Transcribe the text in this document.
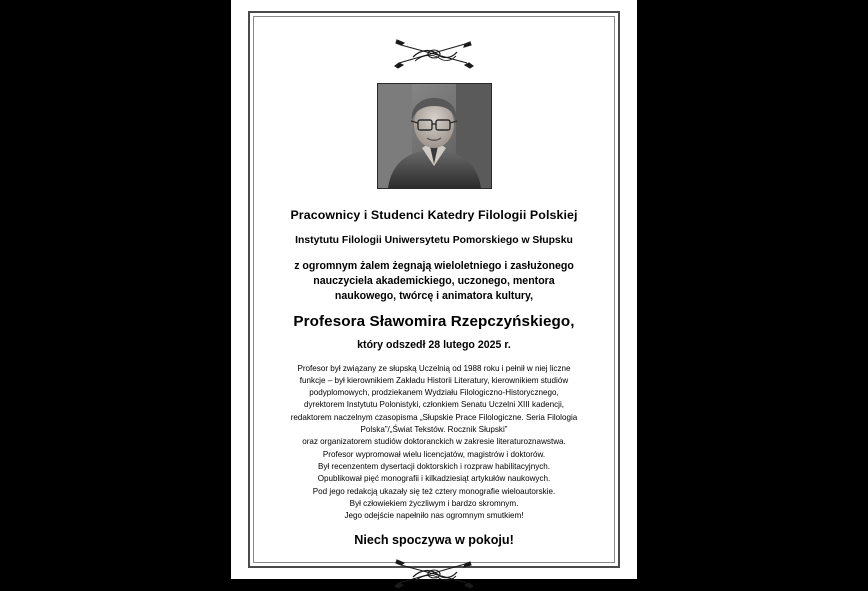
Pracownicy i Studenci Katedry Filologii Polskiej
Instytutu Filologii Uniwersytetu Pomorskiego w Słupsku
z ogromnym żalem żegnają wieloletniego i zasłużonego
nauczyciela akademickiego, uczonego, mentora
naukowego, twórcę i animatora kultury,
Profesora Sławomira Rzepczyńskiego,
który odszedł 28 lutego 2025 r.
Profesor był związany ze słupską Uczelnią od 1988 roku i pełnił w niej liczne
funkcje – był kierownikiem Zakładu Historii Literatury, kierownikiem studiów
podyplomowych, prodziekanem Wydziału Filologiczno-Historycznego,
dyrektorem Instytutu Polonistyki, członkiem Senatu Uczelni XIII kadencji,
redaktorem naczelnym czasopisma „Słupskie Prace Filologiczne. Seria Filologia
Polska”/„Świat Tekstów. Rocznik Słupski”
oraz organizatorem studiów doktoranckich w zakresie literaturoznawstwa.
Profesor wypromował wielu licencjatów, magistrów i doktorów.
Był recenzentem dysertacji doktorskich i rozpraw habilitacyjnych.
Opublikował pięć monografii i kilkadziesiąt artykułów naukowych.
Pod jego redakcją ukazały się też cztery monografie wieloautorskie.
Był człowiekiem życzliwym i bardzo skromnym.
Jego odejście napełniło nas ogromnym smutkiem!
Niech spoczywa w pokoju!
